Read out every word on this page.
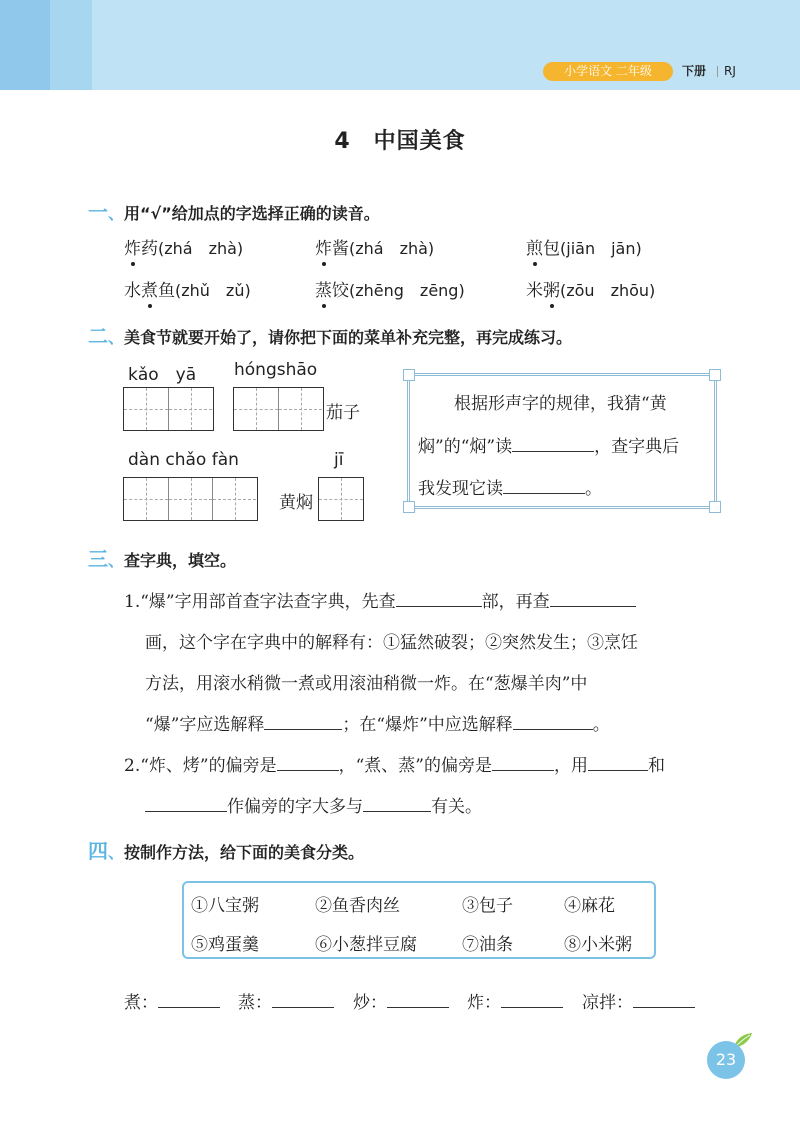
小学语文 二年级	下册 RJ
4　中国美食
一、用“√”给加点的字选择正确的读音。
炸药(zhá　zhà)	炸酱(zhá　zhà)	煎包(jiān　jān)
水煮鱼(zhǔ　zǔ)	蒸饺(zhēng　zēng)	米粥(zōu　zhōu)
二、美食节就要开始了，请你把下面的菜单补充完整，再完成练习。
kǎo　yā hóngshāo
茄子
dàn chǎo fàn	jī
黄焖
根据形声字的规律，我猜“黄
焖”的“焖”读	，查字典后
我发现它读	。
三、查字典，填空。
1.“爆”字用部首查字法查字典，先查	部，再查
画，这个字在字典中的解释有：①猛然破裂；②突然发生；③烹饪
方法，用滚水稍微一煮或用滚油稍微一炸。在“葱爆羊肉”中
“爆”字应选解释	；在“爆炸”中应选解释	。
2.“炸、烤”的偏旁是	，“煮、蒸”的偏旁是	，用	和
作偏旁的字大多与	有关。
四、按制作方法，给下面的美食分类。
①八宝粥	②鱼香肉丝	③包子	④麻花
⑤鸡蛋羹	⑥小葱拌豆腐	⑦油条	⑧小米粥
煮：	蒸：	炒：	炸：	凉拌：
23
